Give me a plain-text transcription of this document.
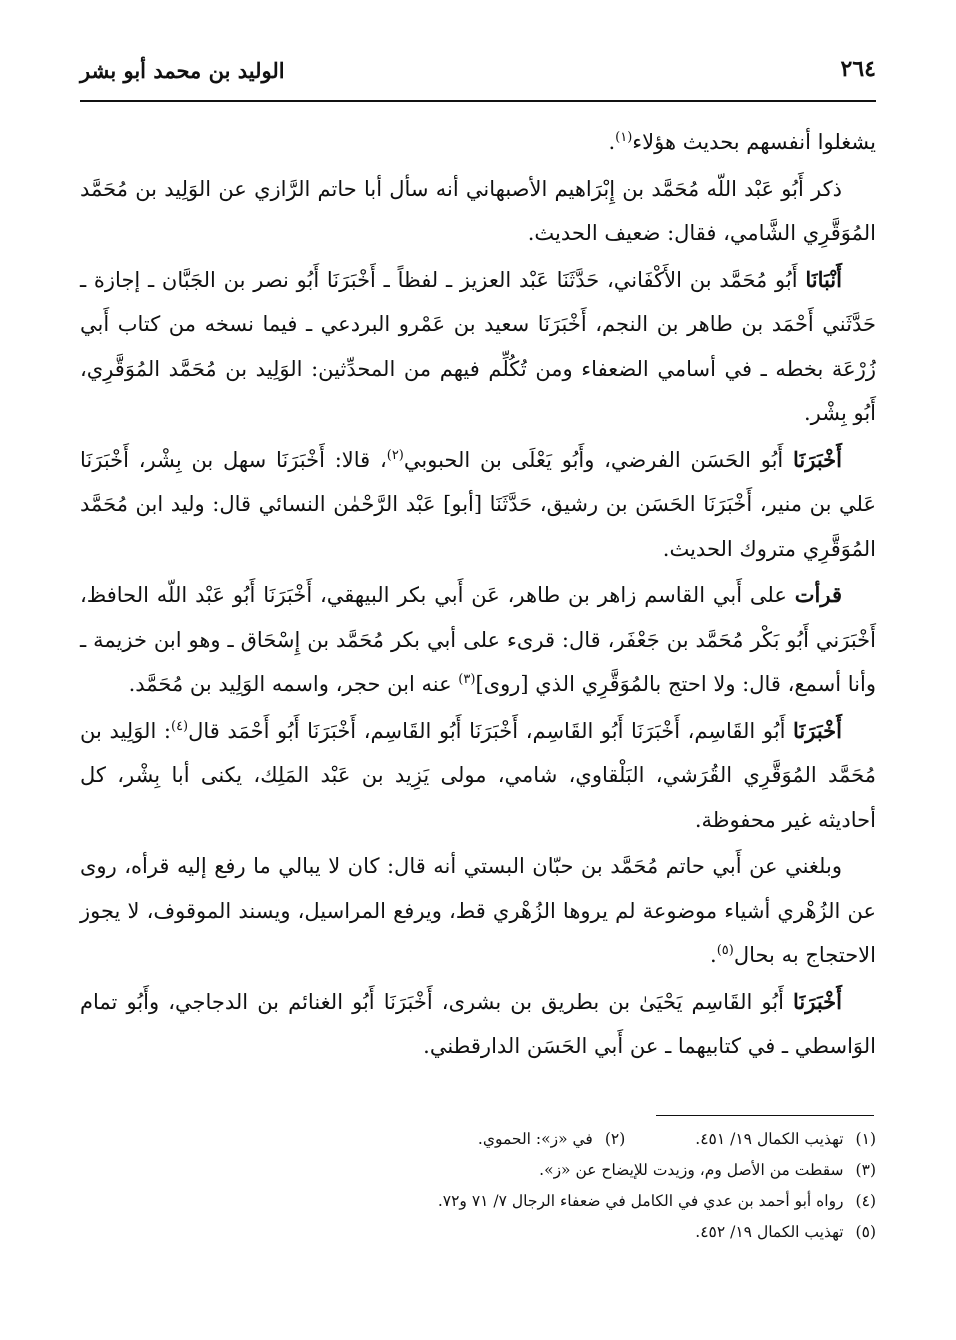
الوليد بن محمد أبو بشر	٢٦٤

يشغلوا أنفسهم بحديث هؤلاء$^{(١)}$.

ذكر أَبُو عَبْد اللّه مُحَمَّد بن إِبْرَاهيم الأصبهاني أنه سأل أبا حاتم الرَّازي عن الوَلِيد بن مُحَمَّد المُوَقَّرِي الشَّامي، فقال: ضعيف الحديث.

أَنْبَانَا أَبُو مُحَمَّد بن الأَكْفَاني، حَدَّثَنَا عَبْد العزيز ـ لفظاً ـ أَخْبَرَنَا أَبُو نصر بن الجَبَّان ـ إجازة ـ حَدَّثَني أَحْمَد بن طاهر بن النجم، أَخْبَرَنَا سعيد بن عَمْرو البردعي ـ فيما نسخه من كتاب أَبي زُرْعَة بخطه ـ في أسامي الضعفاء ومن تُكُلِّم فيهم من المحدِّثين: الوَلِيد بن مُحَمَّد المُوَقَّرِي، أَبُو بِشْر.

أَخْبَرَنَا أَبُو الحَسَن الفرضي، وأَبُو يَعْلَى بن الحبوبي$^{(٢)}$، قالا: أَخْبَرَنَا سهل بن بِشْر، أَخْبَرَنَا عَلي بن منير، أَخْبَرَنَا الحَسَن بن رشيق، حَدَّثَنَا [أبو] عَبْد الرَّحْمٰن النسائي قال: وليد ابن مُحَمَّد المُوَقَّرِي متروك الحديث.

قرأت على أَبي القاسم زاهر بن طاهر، عَن أَبي بكر البيهقي، أَخْبَرَنَا أَبُو عَبْد اللّه الحافظ، أَخْبَرَني أَبُو بَكْر مُحَمَّد بن جَعْفَر، قال: قرىء على أبي بكر مُحَمَّد بن إِسْحَاق ـ وهو ابن خزيمة ـ وأنا أسمع، قال: ولا احتج بالمُوَقَّرِي الذي [روى]$^{(٣)}$ عنه ابن حجر، واسمه الوَلِيد بن مُحَمَّد.

أَخْبَرَنَا أَبُو القَاسِم، أَخْبَرَنَا أَبُو القَاسِم، أَخْبَرَنَا أَبُو القَاسِم، أَخْبَرَنَا أَبُو أَحْمَد قال$^{(٤)}$: الوَلِيد بن مُحَمَّد المُوَقَّرِي القُرَشي، البَلْقاوي، شامي، مولى يَزِيد بن عَبْد المَلِك، يكنى أبا بِشْر، كل أحاديثه غير محفوظة.

وبلغني عن أَبي حاتم مُحَمَّد بن حبّان البستي أنه قال: كان لا يبالي ما رفع إليه قرأه، روى عن الزُهْري أشياء موضوعة لم يروها الزُهْري قط، ويرفع المراسيل، ويسند الموقوف، لا يجوز الاحتجاج به بحال$^{(٥)}$.

أَخْبَرَنَا أَبُو القَاسِم يَحْيَىٰ بن بطريق بن بشرى، أَخْبَرَنَا أَبُو الغنائم بن الدجاجي، وأَبُو تمام الوَاسطي ـ في كتابيهما ـ عن أَبي الحَسَن الدارقطني.

(١)تهذيب الكمال ١٩/ ٤٥١.
(٢)في «ز»: الحموي.
(٣)سقطت من الأصل وم، وزيدت للإيضاح عن «ز».
(٤)رواه أبو أحمد بن عدي في الكامل في ضعفاء الرجال ٧/ ٧١ و٧٢.
(٥)تهذيب الكمال ١٩/ ٤٥٢.
